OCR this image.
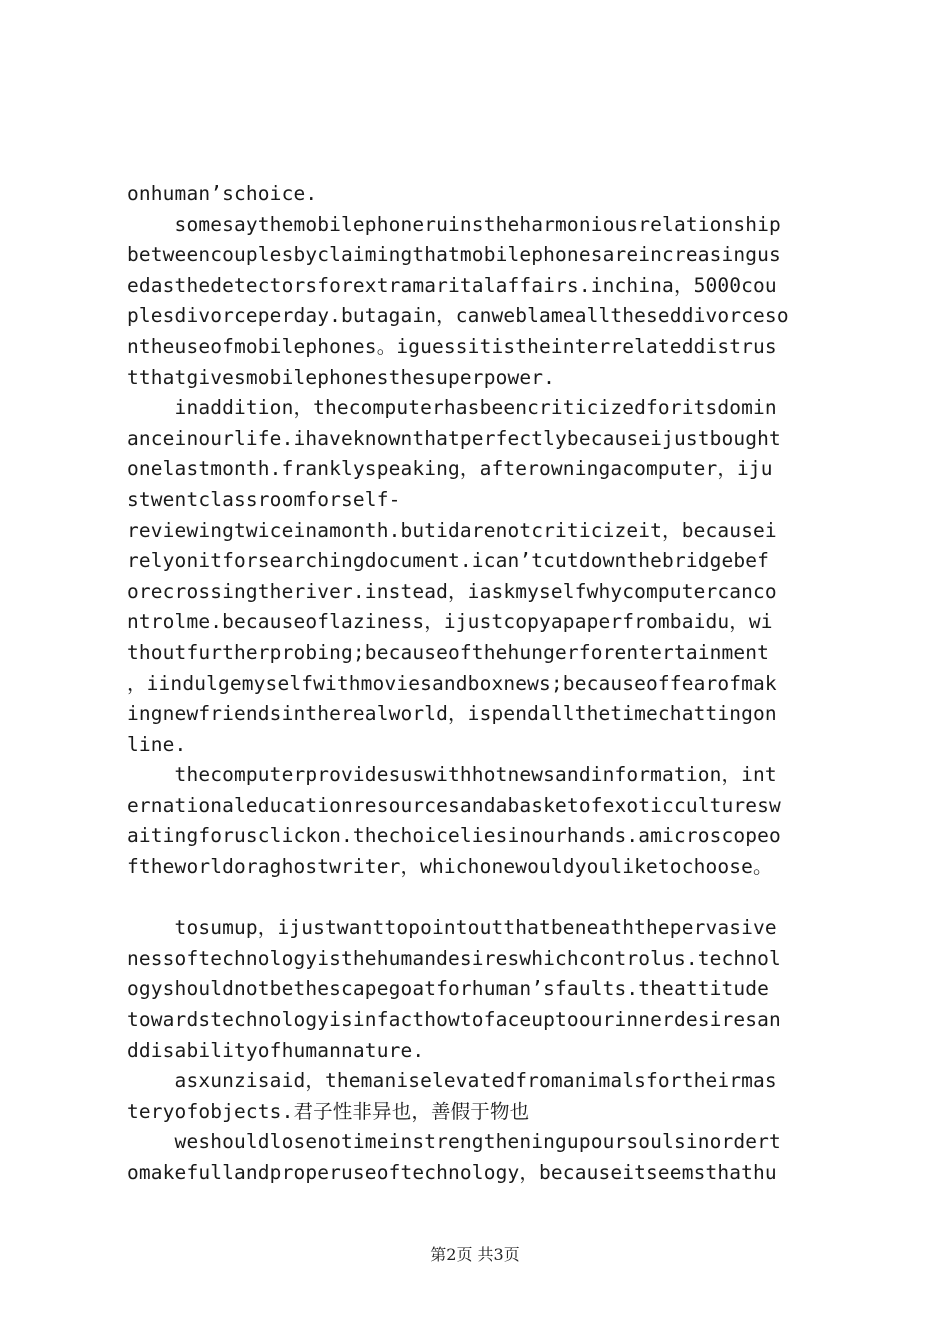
onhuman’schoice.
somesaythemobilephoneruinstheharmoniousrelationship
betweencouplesbyclaimingthatmobilephonesareincreasingus
edasthedetectorsforextramaritalaffairs.inchina，5000cou
plesdivorceperday.butagain，canweblamealltheseddivorceso
ntheuseofmobilephones。iguessitistheinterrelateddistrus
tthatgivesmobilephonesthesuperpower.
inaddition，thecomputerhasbeencriticizedforitsdomin
anceinourlife.ihaveknownthatperfectlybecauseijustbought
onelastmonth.franklyspeaking，afterowningacomputer，iju
stwentclassroomforself-
reviewingtwiceinamonth.butidarenotcriticizeit，becausei
relyonitforsearchingdocument.ican’tcutdownthebridgebef
orecrossingtheriver.instead，iaskmyselfwhycomputercanco
ntrolme.becauseoflaziness，ijustcopyapaperfrombaidu，wi
thoutfurtherprobing;becauseofthehungerforentertainment
，iindulgemyselfwithmoviesandboxnews;becauseoffearofmak
ingnewfriendsintherealworld，ispendallthetimechattingon
line.
thecomputerprovidesuswithhotnewsandinformation，int
ernationaleducationresourcesandabasketofexoticculturesw
aitingforusclickon.thechoiceliesinourhands.amicroscopeo
ftheworldoraghostwriter，whichonewouldyouliketochoose。
tosumup，ijustwanttopointoutthatbeneaththepervasive
nessoftechnologyisthehumandesireswhichcontrolus.technol
ogyshouldnotbethescapegoatforhuman’sfaults.theattitude
towardstechnologyisinfacthowtofaceuptoourinnerdesiresan
ddisabilityofhumannature.
asxunzisaid，themaniselevatedfromanimalsfortheirmas
teryofobjects.君子性非异也，善假于物也
weshouldlosenotimeinstrengtheningupoursoulsinordert
omakefullandproperuseoftechnology，becauseitseemsthathu
第2页 共3页
